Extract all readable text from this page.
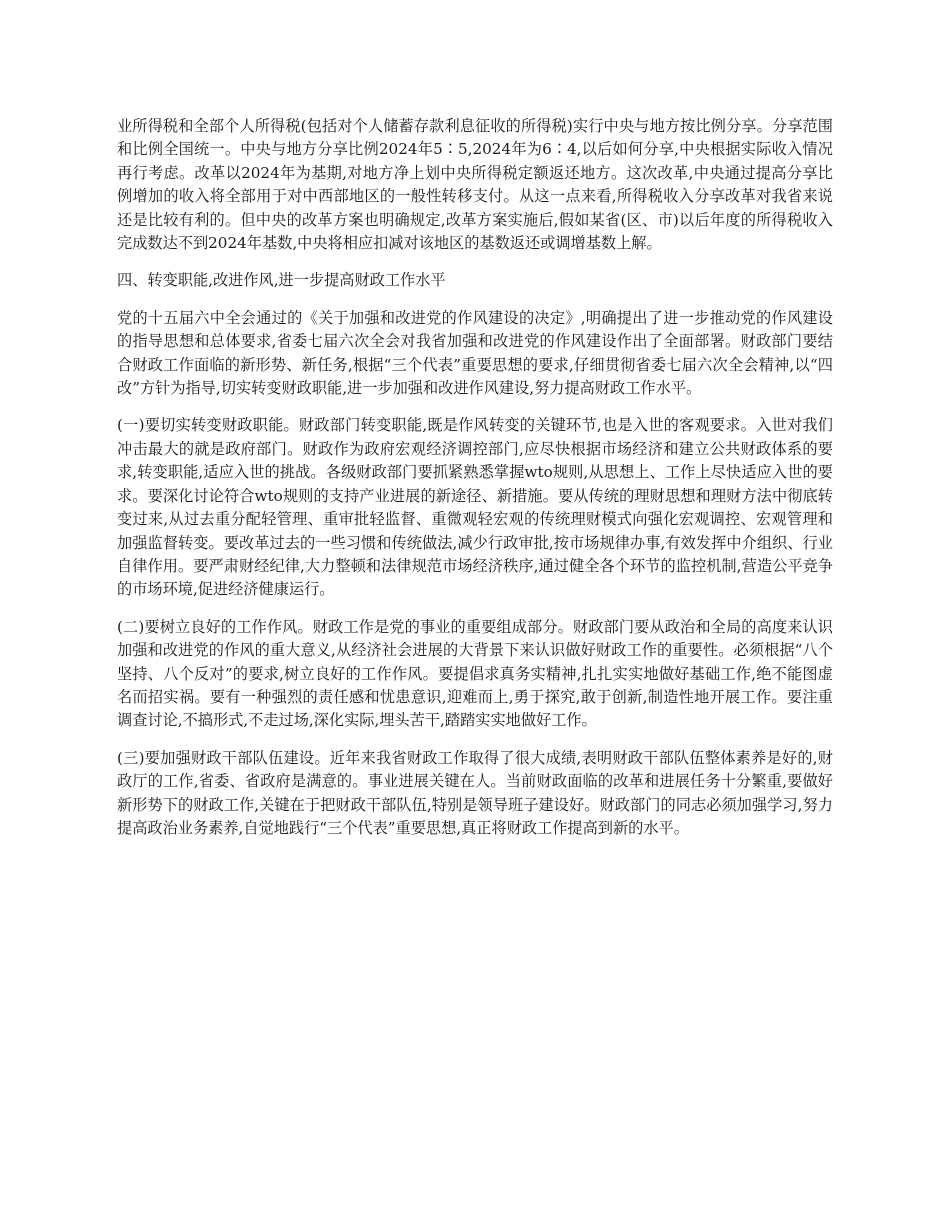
业所得税和全部个人所得税(包括对个人储蓄存款利息征收的所得税)实行中央与地方按比例分享。分享范围和比例全国统一。中央与地方分享比例2024年5∶5,2024年为6∶4,以后如何分享,中央根据实际收入情况再行考虑。改革以2024年为基期,对地方净上划中央所得税定额返还地方。这次改革,中央通过提高分享比例增加的收入将全部用于对中西部地区的一般性转移支付。从这一点来看,所得税收入分享改革对我省来说还是比较有利的。但中央的改革方案也明确规定,改革方案实施后,假如某省(区、市)以后年度的所得税收入完成数达不到2024年基数,中央将相应扣减对该地区的基数返还或调增基数上解。

四、转变职能,改进作风,进一步提高财政工作水平

党的十五届六中全会通过的《关于加强和改进党的作风建设的决定》,明确提出了进一步推动党的作风建设的指导思想和总体要求,省委七届六次全会对我省加强和改进党的作风建设作出了全面部署。财政部门要结合财政工作面临的新形势、新任务,根据“三个代表”重要思想的要求,仔细贯彻省委七届六次全会精神,以“四改”方针为指导,切实转变财政职能,进一步加强和改进作风建设,努力提高财政工作水平。

(一)要切实转变财政职能。财政部门转变职能,既是作风转变的关键环节,也是入世的客观要求。入世对我们冲击最大的就是政府部门。财政作为政府宏观经济调控部门,应尽快根据市场经济和建立公共财政体系的要求,转变职能,适应入世的挑战。各级财政部门要抓紧熟悉掌握wto规则,从思想上、工作上尽快适应入世的要求。要深化讨论符合wto规则的支持产业进展的新途径、新措施。要从传统的理财思想和理财方法中彻底转变过来,从过去重分配轻管理、重审批轻监督、重微观轻宏观的传统理财模式向强化宏观调控、宏观管理和加强监督转变。要改革过去的一些习惯和传统做法,减少行政审批,按市场规律办事,有效发挥中介组织、行业自律作用。要严肃财经纪律,大力整顿和法律规范市场经济秩序,通过健全各个环节的监控机制,营造公平竞争的市场环境,促进经济健康运行。

(二)要树立良好的工作作风。财政工作是党的事业的重要组成部分。财政部门要从政治和全局的高度来认识加强和改进党的作风的重大意义,从经济社会进展的大背景下来认识做好财政工作的重要性。必须根据“八个坚持、八个反对”的要求,树立良好的工作作风。要提倡求真务实精神,扎扎实实地做好基础工作,绝不能图虚名而招实祸。要有一种强烈的责任感和忧患意识,迎难而上,勇于探究,敢于创新,制造性地开展工作。要注重调查讨论,不搞形式,不走过场,深化实际,埋头苦干,踏踏实实地做好工作。

(三)要加强财政干部队伍建设。近年来我省财政工作取得了很大成绩,表明财政干部队伍整体素养是好的,财政厅的工作,省委、省政府是满意的。事业进展关键在人。当前财政面临的改革和进展任务十分繁重,要做好新形势下的财政工作,关键在于把财政干部队伍,特别是领导班子建设好。财政部门的同志必须加强学习,努力提高政治业务素养,自觉地践行“三个代表”重要思想,真正将财政工作提高到新的水平。
